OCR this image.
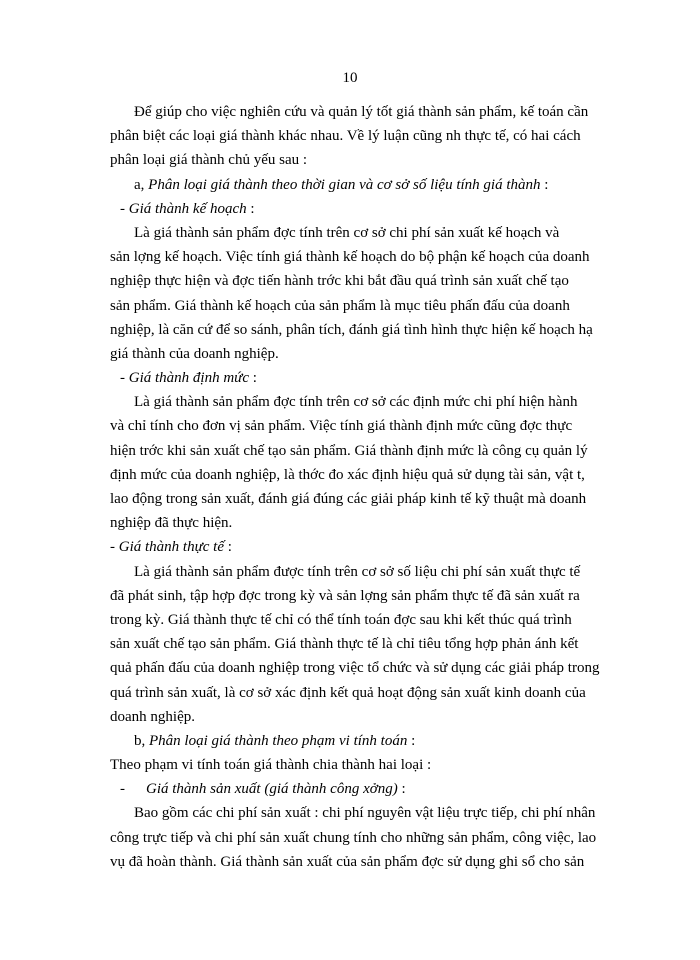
10
Để giúp cho việc nghiên cứu và quản lý tốt giá thành sản phẩm, kế toán cần
phân biệt các loại giá thành khác nhau. Về lý luận cũng nh thực tế, có hai cách
phân loại giá thành chủ yếu sau :
a, Phân loại giá thành theo thời gian và cơ sở số liệu tính giá thành :
- Giá thành kế hoạch :
Là giá thành sản phẩm đợc tính trên cơ sở chi phí sản xuất kế hoạch và
sản lợng kế hoạch. Việc tính giá thành kế hoạch do bộ phận kế hoạch của doanh
nghiệp thực hiện và đợc tiến hành trớc khi bắt đầu quá trình sản xuất chế tạo
sản phẩm. Giá thành kế hoạch của sản phẩm là mục tiêu phấn đấu của doanh
nghiệp, là căn cứ để so sánh, phân tích, đánh giá tình hình thực hiện kế hoạch hạ
giá thành của doanh nghiệp.
- Giá thành định mức :
Là giá thành sản phẩm đợc tính trên cơ sở các định mức chi phí hiện hành
và chỉ tính cho đơn vị sản phẩm. Việc tính giá thành định mức cũng đợc thực
hiện trớc khi sản xuất chế tạo sản phẩm. Giá thành định mức là công cụ quản lý
định mức của doanh nghiệp, là thớc đo xác định hiệu quả sử dụng tài sản, vật t,
lao động trong sản xuất, đánh giá đúng các giải pháp kinh tế kỹ thuật mà doanh
nghiệp đã thực hiện.
- Giá thành thực tế :
Là giá thành sản phẩm được tính trên cơ sở số liệu chi phí sản xuất thực tế
đã phát sinh, tập hợp đợc trong kỳ và sản lợng sản phẩm thực tế đã sản xuất ra
trong kỳ. Giá thành thực tế chỉ có thể tính toán đợc sau khi kết thúc quá trình
sản xuất chế tạo sản phẩm. Giá thành thực tế là chỉ tiêu tổng hợp phản ánh kết
quả phấn đấu của doanh nghiệp trong việc tổ chức và sử dụng các giải pháp trong
quá trình sản xuất, là cơ sở xác định kết quả hoạt động sản xuất kinh doanh của
doanh nghiệp.
b, Phân loại giá thành theo phạm vi tính toán :
Theo phạm vi tính toán giá thành chia thành hai loại :
- Giá thành sản xuất (giá thành công xởng) :
Bao gồm các chi phí sản xuất : chi phí nguyên vật liệu trực tiếp, chi phí nhân
công trực tiếp và chi phí sản xuất chung tính cho những sản phẩm, công việc, lao
vụ đã hoàn thành. Giá thành sản xuất của sản phẩm đợc sử dụng ghi sổ cho sản
